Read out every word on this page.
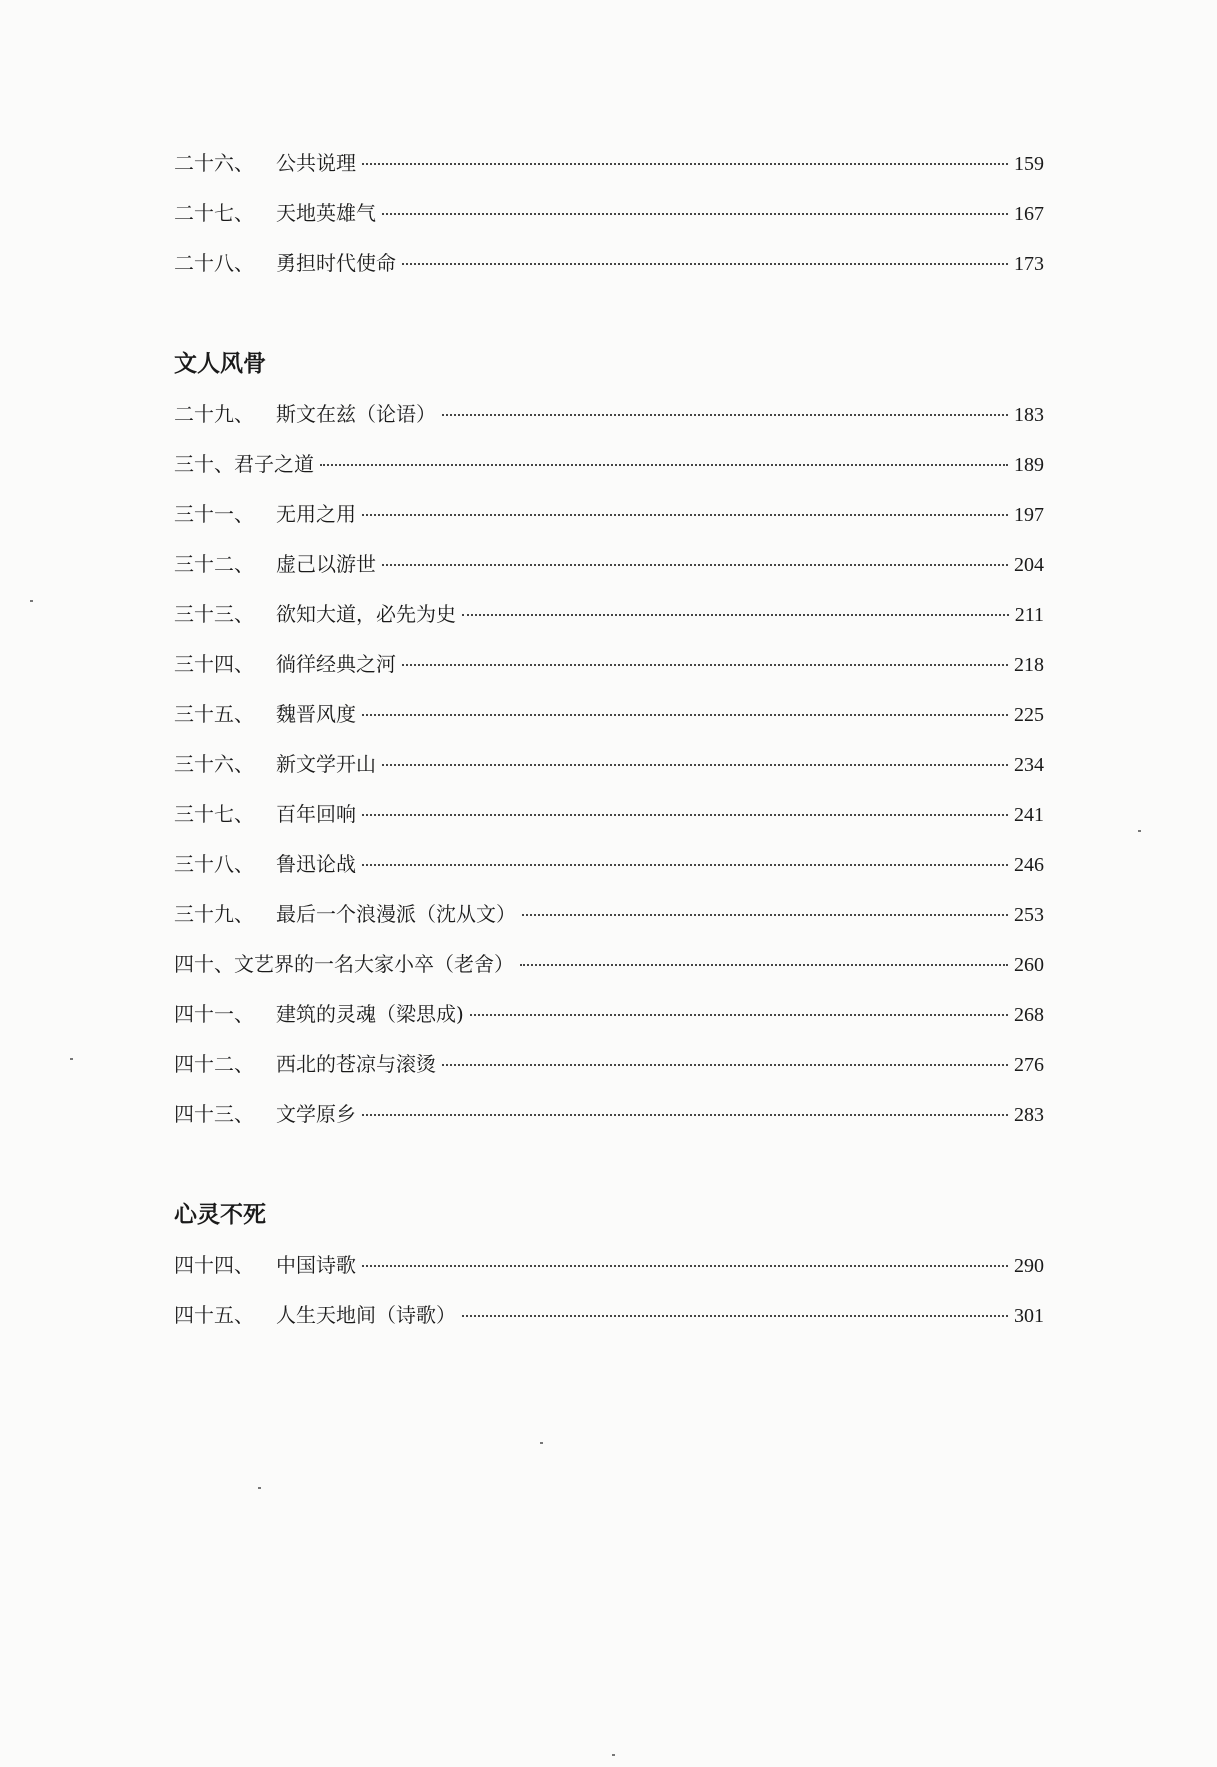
二十六、 公共说理	159
二十七、 天地英雄气	167
二十八、 勇担时代使命	173
文人风骨
二十九、 斯文在兹（论语）	183
三十、 君子之道	189
三十一、 无用之用	197
三十二、 虚己以游世	204
三十三、 欲知大道，必先为史	211
三十四、 徜徉经典之河	218
三十五、 魏晋风度	225
三十六、 新文学开山	234
三十七、 百年回响	241
三十八、 鲁迅论战	246
三十九、 最后一个浪漫派（沈从文）	253
四十、 文艺界的一名大家小卒（老舍）	260
四十一、 建筑的灵魂（梁思成)	268
四十二、 西北的苍凉与滚烫	276
四十三、 文学原乡	283
心灵不死
四十四、 中国诗歌	290
四十五、 人生天地间（诗歌）	301
